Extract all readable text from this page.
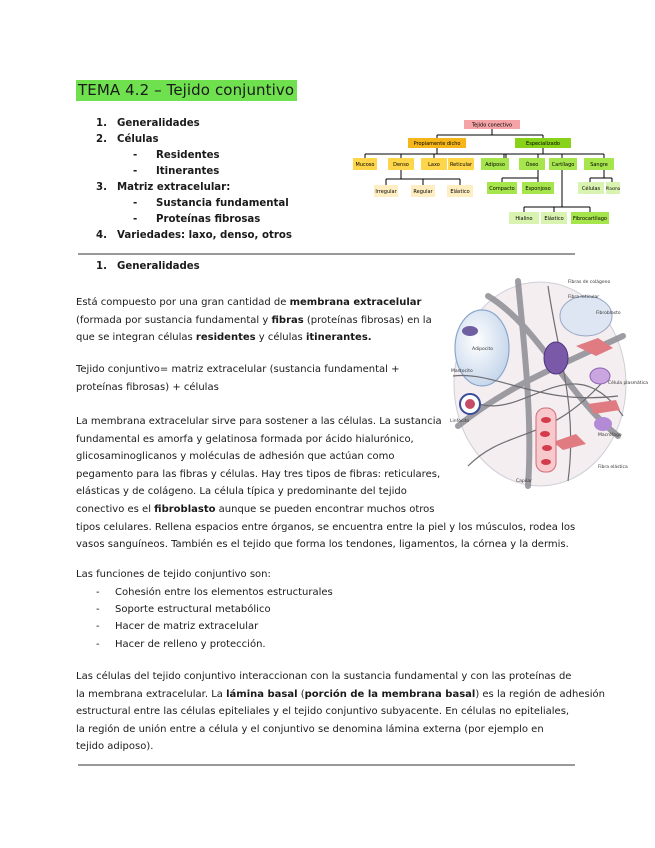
TEMA 4.2 – Tejido conjuntivo
1. Generalidades
2. Células
- Residentes
- Itinerantes
3. Matriz extracelular:
- Sustancia fundamental
- Proteínas fibrosas
4. Variedades: laxo, denso, otros
Tejido conectivo
Propiamente dicho	Especializado
Mucoso	Denso	Laxo Reticular
Irregular	Regular	Elástico
Adiposo	Óseo	Cartílago	Sangre
Compacto Esponjoso	Células Plasma
Hialino Elástico Fibrocartílago
1. Generalidades
Está compuesto por una gran cantidad de membrana extracelular
(formada por sustancia fundamental y fibras (proteínas fibrosas) en la
que se integran células residentes y células itinerantes.
Tejido conjuntivo= matriz extracelular (sustancia fundamental +
proteínas fibrosas) + células
La membrana extracelular sirve para sostener a las células. La sustancia
fundamental es amorfa y gelatinosa formada por ácido hialurónico,
glicosaminoglicanos y moléculas de adhesión que actúan como
pegamento para las fibras y células. Hay tres tipos de fibras: reticulares,
elásticas y de colágeno. La célula típica y predominante del tejido
conectivo es el fibroblasto aunque se pueden encontrar muchos otros
tipos celulares. Rellena espacios entre órganos, se encuentra entre la piel y los músculos, rodea los
vasos sanguíneos. También es el tejido que forma los tendones, ligamentos, la córnea y la dermis.
Fibras de colágeno
Fibroblasto
Adipocito
Macrófago
Mastocito
Fibra elástica
Célula plasmática
Linfocito
Fibra reticular
Capilar
Las funciones de tejido conjuntivo son:
- Cohesión entre los elementos estructurales
- Soporte estructural metabólico
- Hacer de matriz extracelular
- Hacer de relleno y protección.
Las células del tejido conjuntivo interaccionan con la sustancia fundamental y con las proteínas de
la membrana extracelular. La lámina basal (porción de la membrana basal) es la región de adhesión
estructural entre las células epiteliales y el tejido conjuntivo subyacente. En células no epiteliales,
la región de unión entre a célula y el conjuntivo se denomina lámina externa (por ejemplo en
tejido adiposo).
